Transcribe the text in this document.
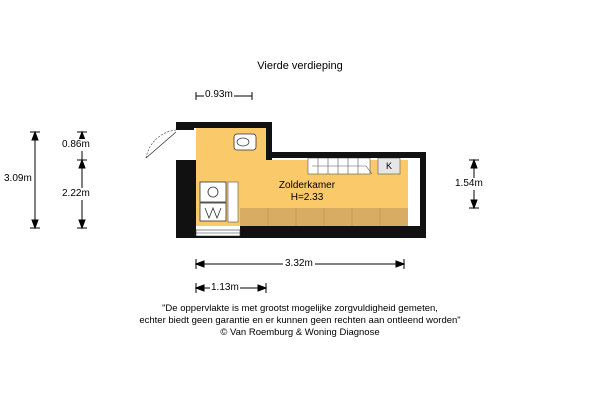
Vierde verdieping
Zolderkamer
H=2.33
K
0.93m
3.09m
0.86m
2.22m
1.54m
3.32m
1.13m
"De oppervlakte is met grootst mogelijke zorgvuldigheid gemeten,
echter biedt geen garantie en er kunnen geen rechten aan ontleend worden"
© Van Roemburg & Woning Diagnose
